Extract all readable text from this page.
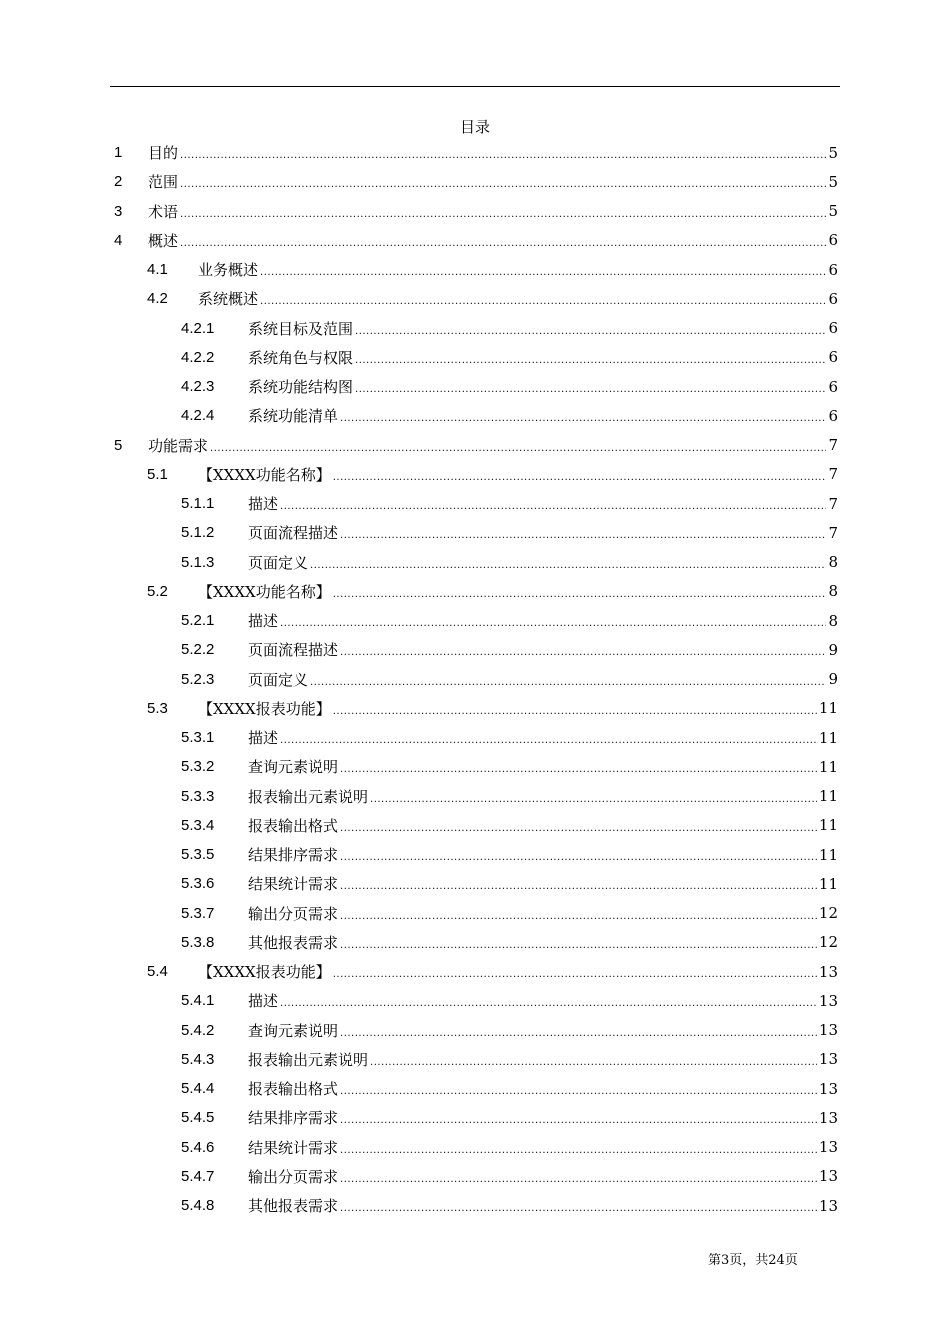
目录
1	目的 .....	5
2	范围 .....	5
3	术语 .....	5
4	概述 .....	6
4.1	业务概述 .....	6
4.2	系统概述 .....	6
4.2.1	系统目标及范围 .....	6
4.2.2	系统角色与权限 .....	6
4.2.3	系统功能结构图 .....	6
4.2.4	系统功能清单 .....	6
5	功能需求 .....	7
5.1	【XXXX功能名称】 .....	7
5.1.1	描述 .....	7
5.1.2	页面流程描述 .....	7
5.1.3	页面定义 .....	8
5.2	【XXXX功能名称】 .....	8
5.2.1	描述 .....	8
5.2.2	页面流程描述 .....	9
5.2.3	页面定义 .....	9
5.3	【XXXX报表功能】 .....	11
5.3.1	描述 .....	11
5.3.2	查询元素说明 .....	11
5.3.3	报表输出元素说明 .....	11
5.3.4	报表输出格式 .....	11
5.3.5	结果排序需求 .....	11
5.3.6	结果统计需求 .....	11
5.3.7	输出分页需求 .....	12
5.3.8	其他报表需求 .....	12
5.4	【XXXX报表功能】 .....	13
5.4.1	描述 .....	13
5.4.2	查询元素说明 .....	13
5.4.3	报表输出元素说明 .....	13
5.4.4	报表输出格式 .....	13
5.4.5	结果排序需求 .....	13
5.4.6	结果统计需求 .....	13
5.4.7	输出分页需求 .....	13
5.4.8	其他报表需求 .....	13
第3页，共24页
